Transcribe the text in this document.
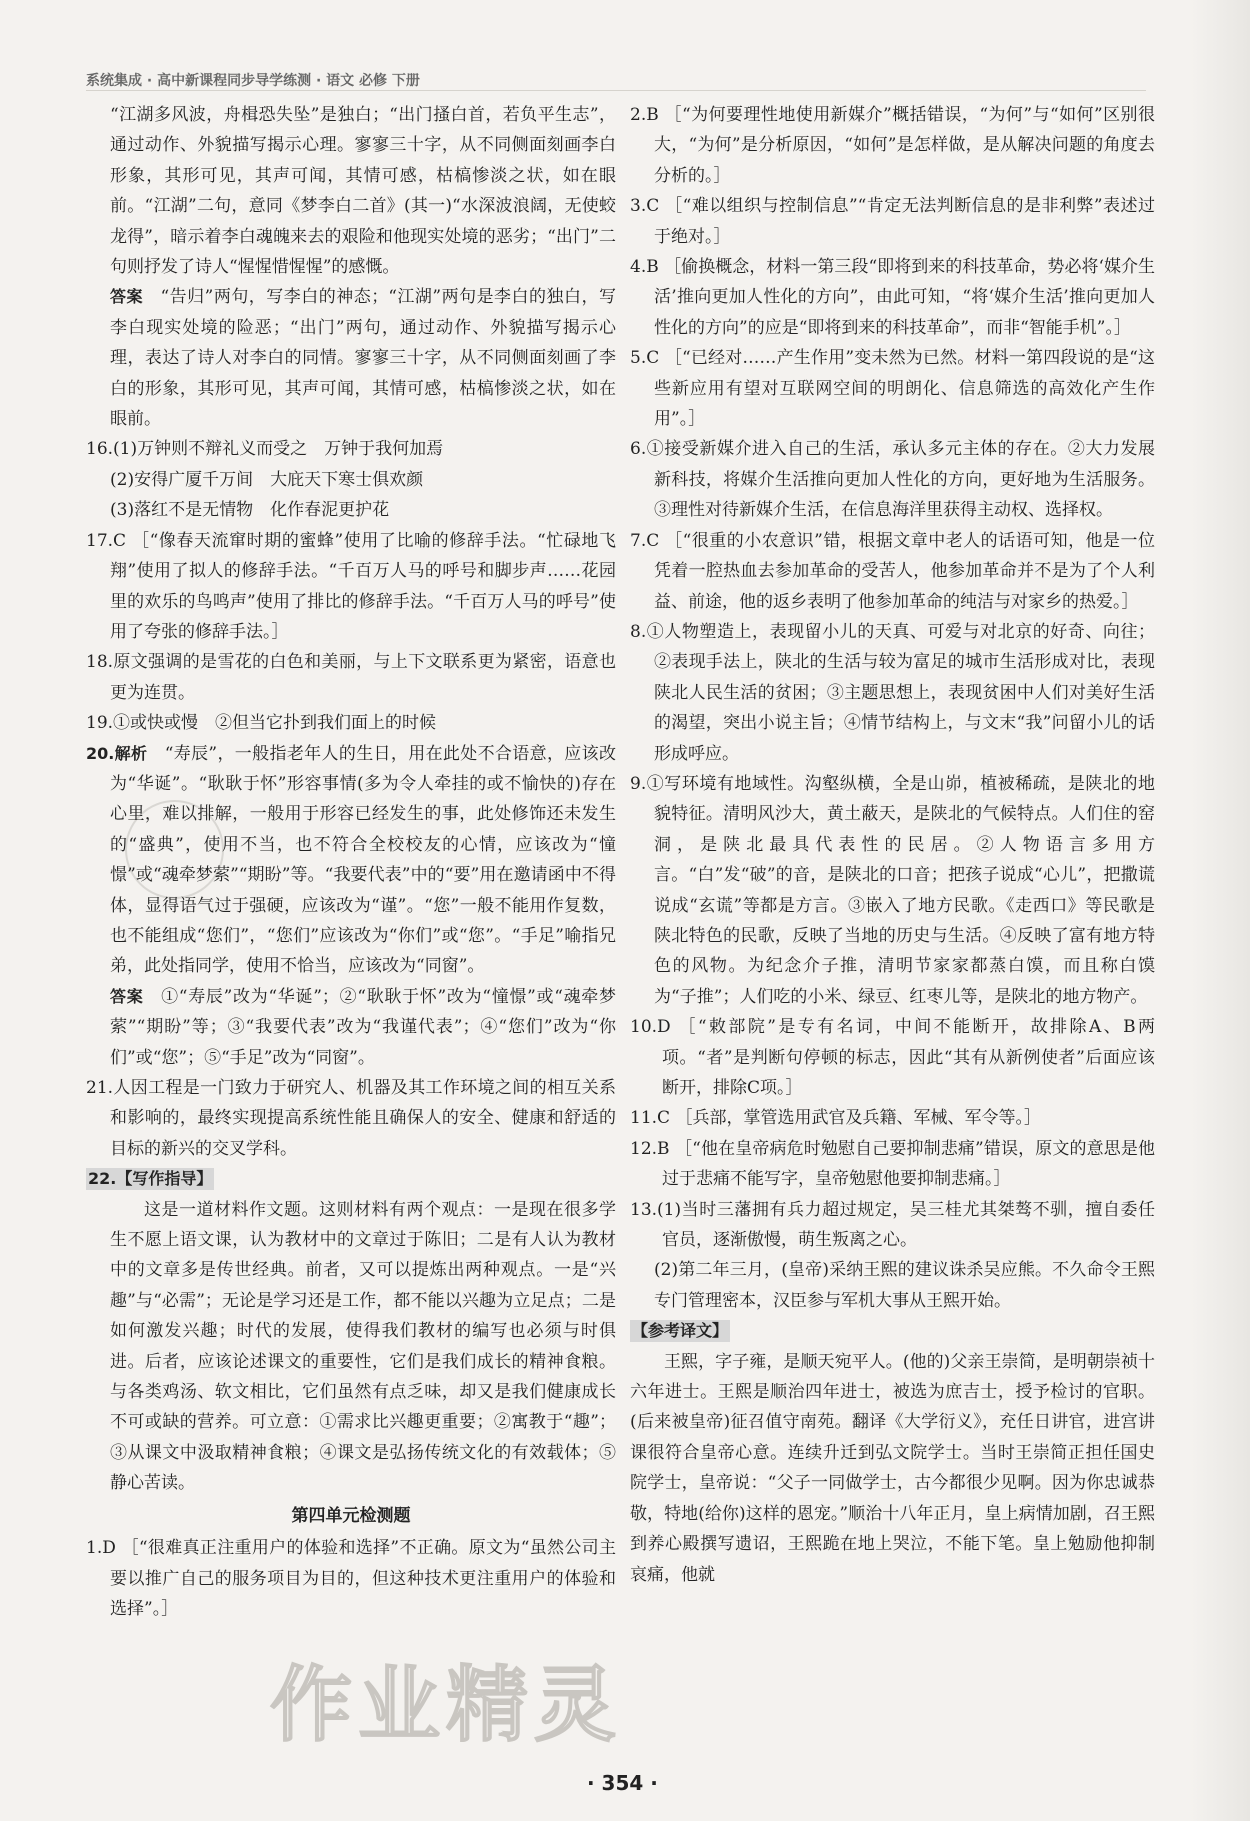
系统集成 · 高中新课程同步导学练测 · 语文 必修 下册

“江湖多风波，舟楫恐失坠”是独白；“出门搔白首，若负平生志”，通过动作、外貌描写揭示心理。寥寥三十字，从不同侧面刻画李白形象，其形可见，其声可闻，其情可感，枯槁惨淡之状，如在眼前。“江湖”二句，意同《梦李白二首》(其一)“水深波浪阔，无使蛟龙得”，暗示着李白魂魄来去的艰险和他现实处境的恶劣；“出门”二句则抒发了诗人“惺惺惜惺惺”的感慨。

答案　 “告归”两句，写李白的神态；“江湖”两句是李白的独白，写李白现实处境的险恶；“出门”两句，通过动作、外貌描写揭示心理，表达了诗人对李白的同情。寥寥三十字，从不同侧面刻画了李白的形象，其形可见，其声可闻，其情可感，枯槁惨淡之状，如在眼前。

16.(1)万钟则不辩礼义而受之　万钟于我何加焉

(2)安得广厦千万间　大庇天下寒士俱欢颜

(3)落红不是无情物　化作春泥更护花

17.C ［“像春天流窜时期的蜜蜂”使用了比喻的修辞手法。“忙碌地飞翔”使用了拟人的修辞手法。“千百万人马的呼号和脚步声……花园里的欢乐的鸟鸣声”使用了排比的修辞手法。“千百万人马的呼号”使用了夸张的修辞手法。］

18.原文强调的是雪花的白色和美丽，与上下文联系更为紧密，语意也更为连贯。

19.①或快或慢　②但当它扑到我们面上的时候

20.解析　 “寿辰”，一般指老年人的生日，用在此处不合语意，应该改为“华诞”。“耿耿于怀”形容事情(多为令人牵挂的或不愉快的)存在心里，难以排解，一般用于形容已经发生的事，此处修饰还未发生的“盛典”，使用不当，也不符合全校校友的心情，应该改为“憧憬”或“魂牵梦萦”“期盼”等。“我要代表”中的“要”用在邀请函中不得体，显得语气过于强硬，应该改为“谨”。“您”一般不能用作复数，也不能组成“您们”，“您们”应该改为“你们”或“您”。“手足”喻指兄弟，此处指同学，使用不恰当，应该改为“同窗”。

答案　 ①“寿辰”改为“华诞”；②“耿耿于怀”改为“憧憬”或“魂牵梦萦”“期盼”等；③“我要代表”改为“我谨代表”；④“您们”改为“你们”或“您”；⑤“手足”改为“同窗”。

21.人因工程是一门致力于研究人、机器及其工作环境之间的相互关系和影响的，最终实现提高系统性能且确保人的安全、健康和舒适的目标的新兴的交叉学科。

22.【写作指导】

这是一道材料作文题。这则材料有两个观点：一是现在很多学生不愿上语文课，认为教材中的文章过于陈旧；二是有人认为教材中的文章多是传世经典。前者，又可以提炼出两种观点。一是“兴趣”与“必需”；无论是学习还是工作，都不能以兴趣为立足点；二是如何激发兴趣；时代的发展，使得我们教材的编写也必须与时俱进。后者，应该论述课文的重要性，它们是我们成长的精神食粮。与各类鸡汤、软文相比，它们虽然有点乏味，却又是我们健康成长不可或缺的营养。可立意：①需求比兴趣更重要；②寓教于“趣”；③从课文中汲取精神食粮；④课文是弘扬传统文化的有效载体；⑤静心苦读。

第四单元检测题

1.D ［“很难真正注重用户的体验和选择”不正确。原文为“虽然公司主要以推广自己的服务项目为目的，但这种技术更注重用户的体验和选择”。］

2.B ［“为何要理性地使用新媒介”概括错误，“为何”与“如何”区别很大，“为何”是分析原因，“如何”是怎样做，是从解决问题的角度去分析的。］

3.C ［“难以组织与控制信息”“肯定无法判断信息的是非利弊”表述过于绝对。］

4.B ［偷换概念，材料一第三段“即将到来的科技革命，势必将‘媒介生活’推向更加人性化的方向”，由此可知，“将‘媒介生活’推向更加人性化的方向”的应是“即将到来的科技革命”，而非“智能手机”。］

5.C ［“已经对……产生作用”变未然为已然。材料一第四段说的是“这些新应用有望对互联网空间的明朗化、信息筛选的高效化产生作用”。］

6.①接受新媒介进入自己的生活，承认多元主体的存在。②大力发展新科技，将媒介生活推向更加人性化的方向，更好地为生活服务。③理性对待新媒介生活，在信息海洋里获得主动权、选择权。

7.C ［“很重的小农意识”错，根据文章中老人的话语可知，他是一位凭着一腔热血去参加革命的受苦人，他参加革命并不是为了个人利益、前途，他的返乡表明了他参加革命的纯洁与对家乡的热爱。］

8.①人物塑造上，表现留小儿的天真、可爱与对北京的好奇、向往；②表现手法上，陕北的生活与较为富足的城市生活形成对比，表现陕北人民生活的贫困；③主题思想上，表现贫困中人们对美好生活的渴望，突出小说主旨；④情节结构上，与文末“我”问留小儿的话形成呼应。

9.①写环境有地域性。沟壑纵横，全是山峁，植被稀疏，是陕北的地貌特征。清明风沙大，黄土蔽天，是陕北的气候特点。人们住的窑洞，是陕北最具代表性的民居。②人物语言多用方言。“白”发“破”的音，是陕北的口音；把孩子说成“心儿”，把撒谎说成“玄谎”等都是方言。③嵌入了地方民歌。《走西口》等民歌是陕北特色的民歌，反映了当地的历史与生活。④反映了富有地方特色的风物。为纪念介子推，清明节家家都蒸白馍，而且称白馍为“子推”；人们吃的小米、绿豆、红枣儿等，是陕北的地方物产。

10.D ［“敕部院”是专有名词，中间不能断开，故排除A、B两项。“者”是判断句停顿的标志，因此“其有从新例使者”后面应该断开，排除C项。］

11.C ［兵部，掌管选用武官及兵籍、军械、军令等。］

12.B ［“他在皇帝病危时勉慰自己要抑制悲痛”错误，原文的意思是他过于悲痛不能写字，皇帝勉慰他要抑制悲痛。］

13.(1)当时三藩拥有兵力超过规定，吴三桂尤其桀骜不驯，擅自委任官员，逐渐傲慢，萌生叛离之心。

(2)第二年三月，(皇帝)采纳王熙的建议诛杀吴应熊。不久命令王熙专门管理密本，汉臣参与军机大事从王熙开始。

【参考译文】

王熙，字子雍，是顺天宛平人。(他的)父亲王崇简，是明朝崇祯十六年进士。王熙是顺治四年进士，被选为庶吉士，授予检讨的官职。(后来被皇帝)征召值守南苑。翻译《大学衍义》，充任日讲官，进宫讲课很符合皇帝心意。连续升迁到弘文院学士。当时王崇简正担任国史院学士，皇帝说：“父子一同做学士，古今都很少见啊。因为你忠诚恭敬，特地(给你)这样的恩宠。”顺治十八年正月，皇上病情加剧，召王熙到养心殿撰写遗诏，王熙跪在地上哭泣，不能下笔。皇上勉励他抑制哀痛，他就

作业精灵
· 354 ·
